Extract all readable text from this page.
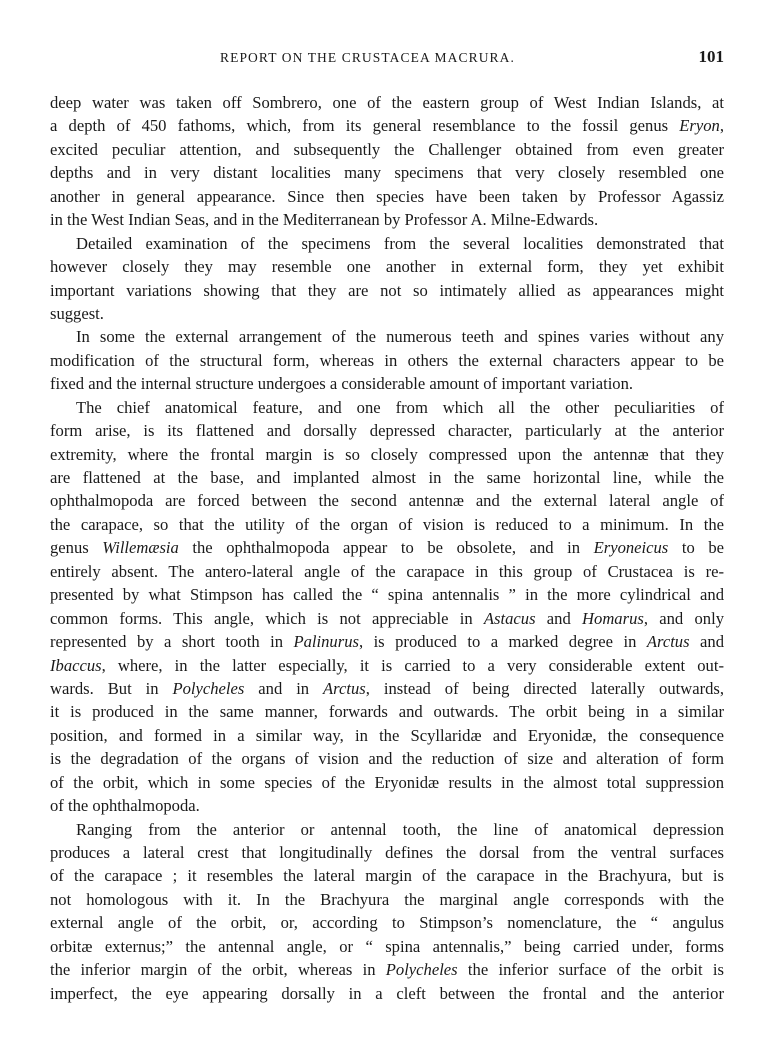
REPORT ON THE CRUSTACEA MACRURA.	101
deep water was taken off Sombrero, one of the eastern group of West Indian Islands, at
a depth of 450 fathoms, which, from its general resemblance to the fossil genus Eryon,
excited peculiar attention, and subsequently the Challenger obtained from even greater
depths and in very distant localities many specimens that very closely resembled one
another in general appearance. Since then species have been taken by Professor Agassiz
in the West Indian Seas, and in the Mediterranean by Professor A. Milne-Edwards.
Detailed examination of the specimens from the several localities demonstrated that
however closely they may resemble one another in external form, they yet exhibit
important variations showing that they are not so intimately allied as appearances might
suggest.
In some the external arrangement of the numerous teeth and spines varies without any
modification of the structural form, whereas in others the external characters appear to be
fixed and the internal structure undergoes a considerable amount of important variation.
The chief anatomical feature, and one from which all the other peculiarities of
form arise, is its flattened and dorsally depressed character, particularly at the anterior
extremity, where the frontal margin is so closely compressed upon the antennæ that they
are flattened at the base, and implanted almost in the same horizontal line, while the
ophthalmopoda are forced between the second antennæ and the external lateral angle of
the carapace, so that the utility of the organ of vision is reduced to a minimum. In the
genus Willemæsia the ophthalmopoda appear to be obsolete, and in Eryoneicus to be
entirely absent. The antero-lateral angle of the carapace in this group of Crustacea is re-
presented by what Stimpson has called the “ spina antennalis ” in the more cylindrical and
common forms. This angle, which is not appreciable in Astacus and Homarus, and only
represented by a short tooth in Palinurus, is produced to a marked degree in Arctus and
Ibaccus, where, in the latter especially, it is carried to a very considerable extent out-
wards. But in Polycheles and in Arctus, instead of being directed laterally outwards,
it is produced in the same manner, forwards and outwards. The orbit being in a similar
position, and formed in a similar way, in the Scyllaridæ and Eryonidæ, the consequence
is the degradation of the organs of vision and the reduction of size and alteration of form
of the orbit, which in some species of the Eryonidæ results in the almost total suppression
of the ophthalmopoda.
Ranging from the anterior or antennal tooth, the line of anatomical depression
produces a lateral crest that longitudinally defines the dorsal from the ventral surfaces
of the carapace ; it resembles the lateral margin of the carapace in the Brachyura, but is
not homologous with it. In the Brachyura the marginal angle corresponds with the
external angle of the orbit, or, according to Stimpson’s nomenclature, the “ angulus
orbitæ externus;” the antennal angle, or “ spina antennalis,” being carried under, forms
the inferior margin of the orbit, whereas in Polycheles the inferior surface of the orbit is
imperfect, the eye appearing dorsally in a cleft between the frontal and the anterior
